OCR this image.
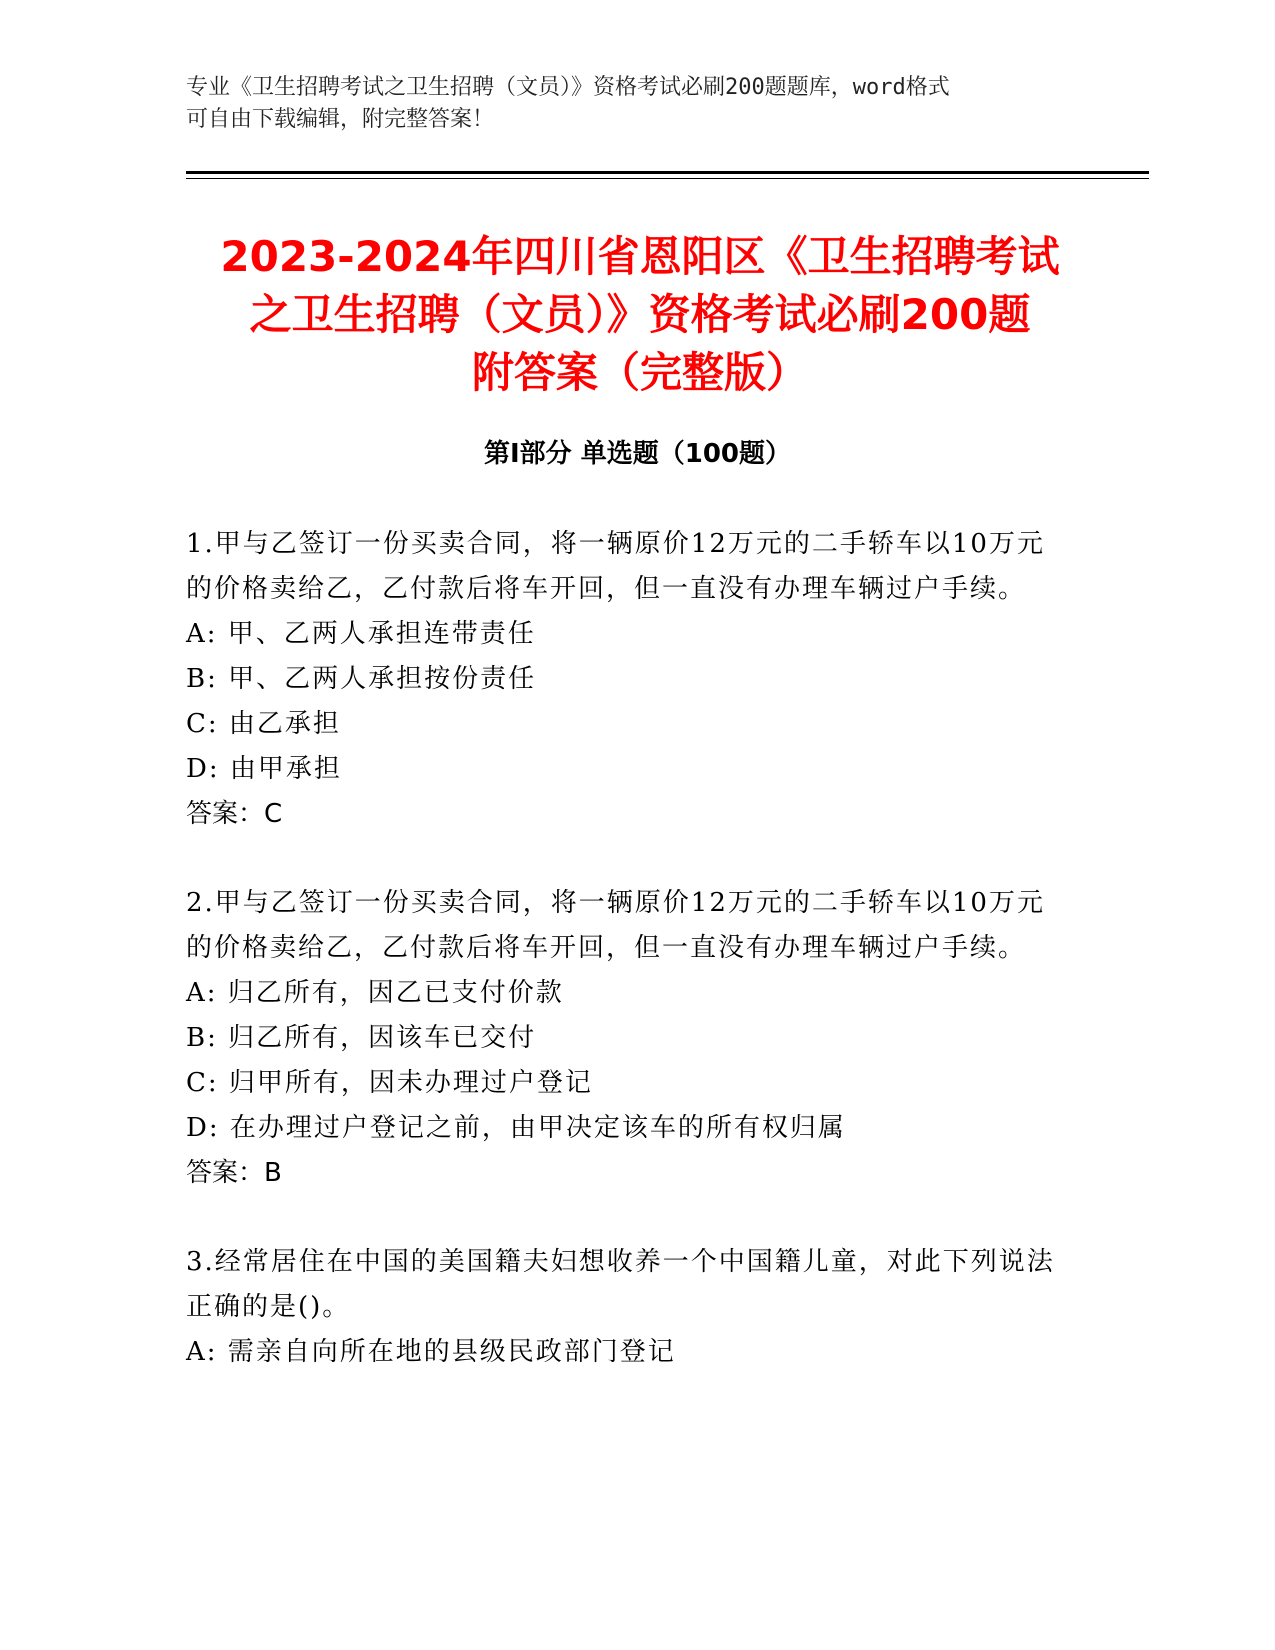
专业《卫生招聘考试之卫生招聘（文员）》资格考试必刷200题题库，word格式

可自由下载编辑，附完整答案！

2023-2024年四川省恩阳区《卫生招聘考试
之卫生招聘（文员）》资格考试必刷200题
附答案（完整版）
第Ⅰ部分 单选题（100题）

1.甲与乙签订一份买卖合同，将一辆原价12万元的二手轿车以10万元的价格卖给乙，乙付款后将车开回，但一直没有办理车辆过户手续。

A: 甲、乙两人承担连带责任

B: 甲、乙两人承担按份责任

C: 由乙承担

D: 由甲承担

答案：C

2.甲与乙签订一份买卖合同，将一辆原价12万元的二手轿车以10万元的价格卖给乙，乙付款后将车开回，但一直没有办理车辆过户手续。

A: 归乙所有，因乙已支付价款

B: 归乙所有，因该车已交付

C: 归甲所有，因未办理过户登记

D: 在办理过户登记之前，由甲决定该车的所有权归属

答案：B

3.经常居住在中国的美国籍夫妇想收养一个中国籍儿童，对此下列说法正确的是()。

A: 需亲自向所在地的县级民政部门登记
